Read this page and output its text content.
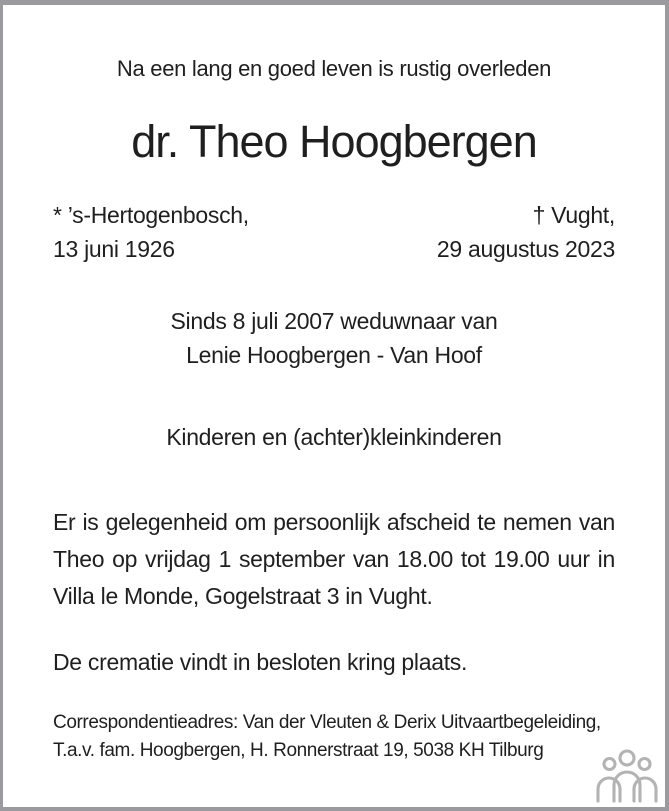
Na een lang en goed leven is rustig overleden
dr. Theo Hoogbergen
* ’s-Hertogenbosch,
13 juni 1926
† Vught,
29 augustus 2023
Sinds 8 juli 2007 weduwnaar van
Lenie Hoogbergen - Van Hoof
Kinderen en (achter)kleinkinderen
Er is gelegenheid om persoonlijk afscheid te nemen van Theo op vrijdag 1 september van 18.00 tot 19.00 uur in Villa le Monde, Gogelstraat 3 in Vught.
De crematie vindt in besloten kring plaats.
Correspondentieadres: Van der Vleuten & Derix Uitvaartbegeleiding,
T.a.v. fam. Hoogbergen, H. Ronnerstraat 19, 5038 KH Tilburg
